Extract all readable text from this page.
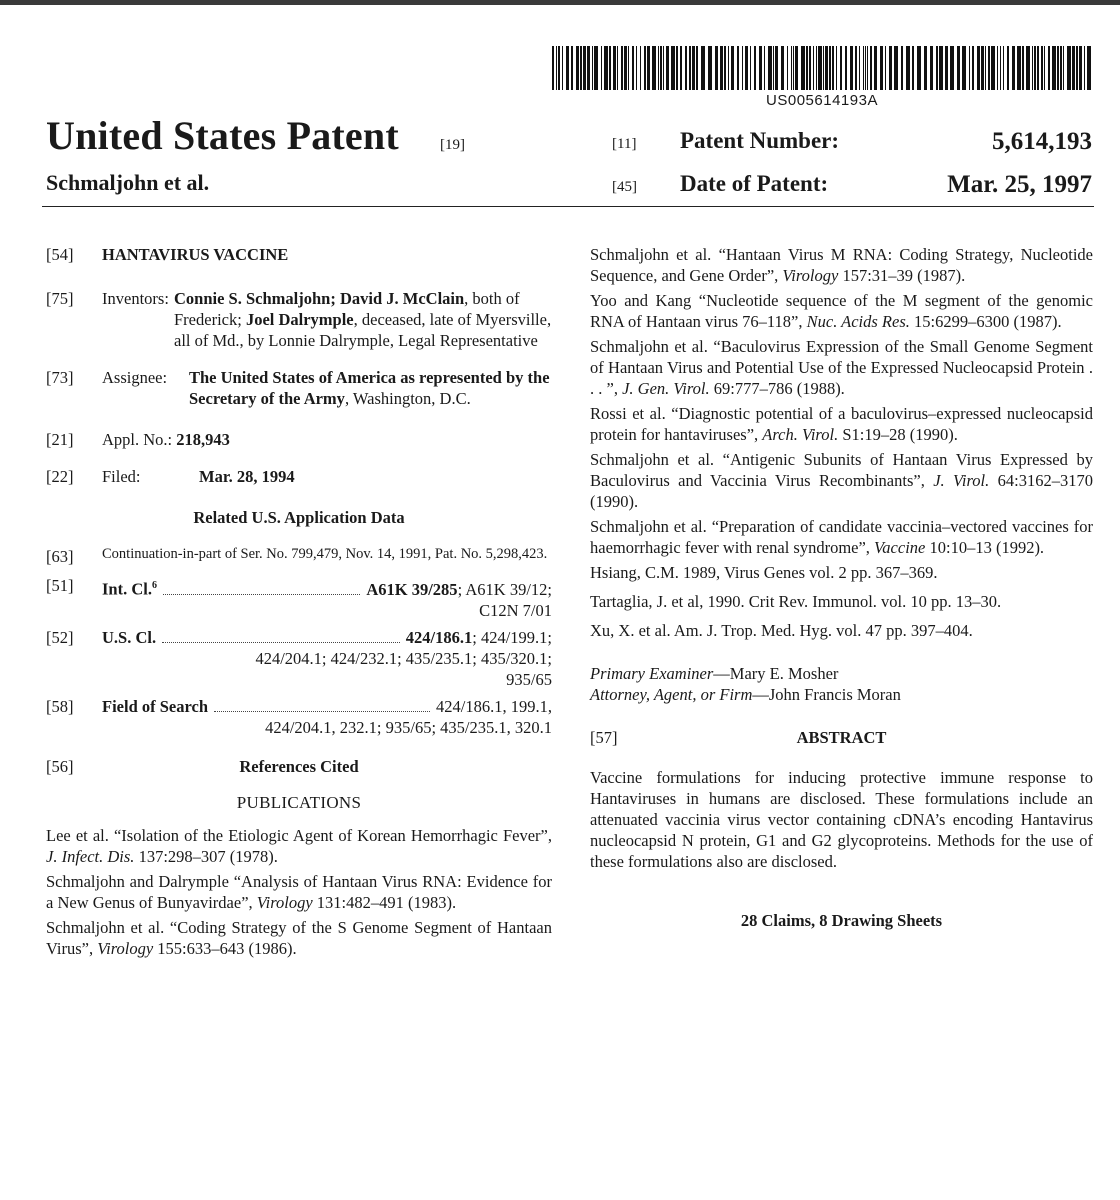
US005614193A
United States Patent	[19]
Schmaljohn et al.
[11] Patent Number:	5,614,193
[45] Date of Patent:	Mar. 25, 1997
[54] HANTAVIRUS VACCINE
[75] Inventors: Connie S. Schmaljohn; David J. McClain, both of Frederick; Joel Dalrymple, deceased, late of Myersville, all of Md., by Lonnie Dalrymple, Legal Representative
[73] Assignee: The United States of America as represented by the Secretary of the Army, Washington, D.C.
[21] Appl. No.: 218,943
[22] Filed:	Mar. 28, 1994
Related U.S. Application Data
[63] Continuation-in-part of Ser. No. 799,479, Nov. 14, 1991, Pat. No. 5,298,423.
[51] Int. Cl.$^6$	A61K 39/285 ; A61K 39/12;
C12N 7/01
[52] U.S. Cl.	424/186.1 ; 424/199.1;
424/204.1; 424/232.1; 435/235.1; 435/320.1;
935/65
[58] Field of Search	424/186.1, 199.1,
424/204.1, 232.1; 935/65; 435/235.1, 320.1
[56]	References Cited
PUBLICATIONS
Lee et al. “Isolation of the Etiologic Agent of Korean Hemorrhagic Fever”, J. Infect. Dis. 137:298–307 (1978).
Schmaljohn and Dalrymple “Analysis of Hantaan Virus RNA: Evidence for a New Genus of Bunyavirdae”, Virology 131:482–491 (1983).
Schmaljohn et al. “Coding Strategy of the S Genome Segment of Hantaan Virus”, Virology 155:633–643 (1986).
Schmaljohn et al. “Hantaan Virus M RNA: Coding Strategy, Nucleotide Sequence, and Gene Order”, Virology 157:31–39 (1987).
Yoo and Kang “Nucleotide sequence of the M segment of the genomic RNA of Hantaan virus 76–118”, Nuc. Acids Res. 15:6299–6300 (1987).
Schmaljohn et al. “Baculovirus Expression of the Small Genome Segment of Hantaan Virus and Potential Use of the Expressed Nucleocapsid Protein . . . ”, J. Gen. Virol. 69:777–786 (1988).
Rossi et al. “Diagnostic potential of a baculovirus–expressed nucleocapsid protein for hantaviruses”, Arch. Virol. S1:19–28 (1990).
Schmaljohn et al. “Antigenic Subunits of Hantaan Virus Expressed by Baculovirus and Vaccinia Virus Recombinants”, J. Virol. 64:3162–3170 (1990).
Schmaljohn et al. “Preparation of candidate vaccinia–vectored vaccines for haemorrhagic fever with renal syndrome”, Vaccine 10:10–13 (1992).
Hsiang, C.M. 1989, Virus Genes vol. 2 pp. 367–369.
Tartaglia, J. et al, 1990. Crit Rev. Immunol. vol. 10 pp. 13–30.
Xu, X. et al. Am. J. Trop. Med. Hyg. vol. 47 pp. 397–404.
Primary Examiner—Mary E. Mosher
Attorney, Agent, or Firm—John Francis Moran
[57]	ABSTRACT
Vaccine formulations for inducing protective immune response to Hantaviruses in humans are disclosed. These formulations include an attenuated vaccinia virus vector containing cDNA’s encoding Hantavirus nucleocapsid N protein, G1 and G2 glycoproteins. Methods for the use of these formulations also are disclosed.
28 Claims, 8 Drawing Sheets
